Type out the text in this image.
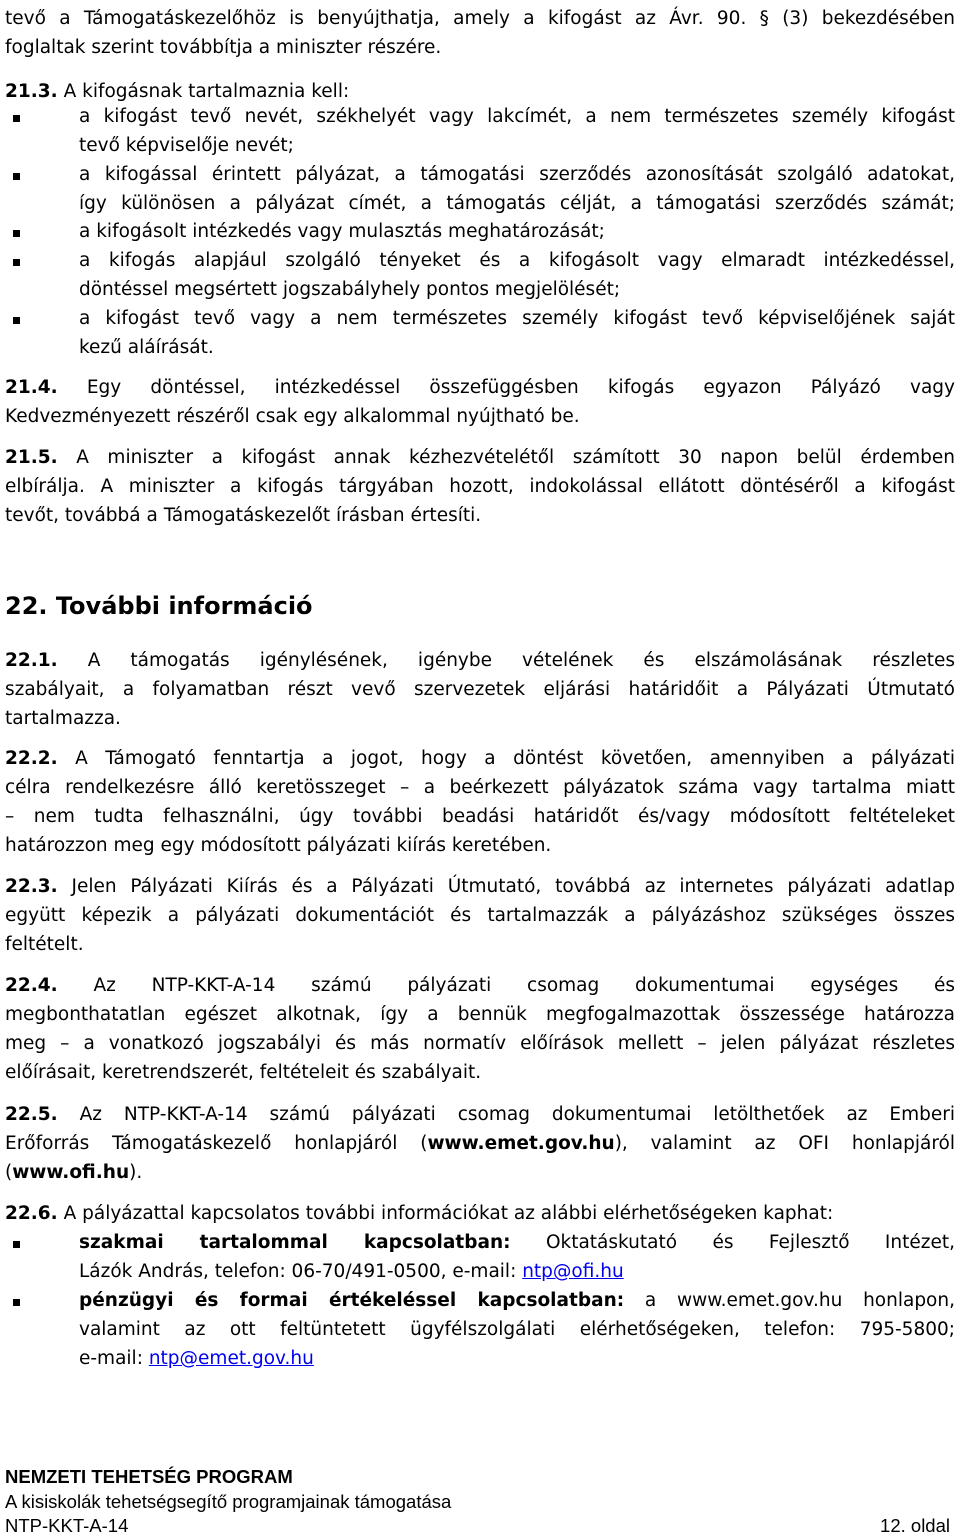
tevő a Támogatáskezelőhöz is benyújthatja, amely a kifogást az Ávr. 90. § (3) bekezdésében
foglaltak szerint továbbítja a miniszter részére.
21.3. A kifogásnak tartalmaznia kell:
a kifogást tevő nevét, székhelyét vagy lakcímét, a nem természetes személy kifogást
tevő képviselője nevét;
a kifogással érintett pályázat, a támogatási szerződés azonosítását szolgáló adatokat,
így különösen a pályázat címét, a támogatás célját, a támogatási szerződés számát;
a kifogásolt intézkedés vagy mulasztás meghatározását;
a kifogás alapjául szolgáló tényeket és a kifogásolt vagy elmaradt intézkedéssel,
döntéssel megsértett jogszabályhely pontos megjelölését;
a kifogást tevő vagy a nem természetes személy kifogást tevő képviselőjének saját
kezű aláírását.
21.4. Egy döntéssel, intézkedéssel összefüggésben kifogás egyazon Pályázó vagy
Kedvezményezett részéről csak egy alkalommal nyújtható be.
21.5. A miniszter a kifogást annak kézhezvételétől számított 30 napon belül érdemben
elbírálja. A miniszter a kifogás tárgyában hozott, indokolással ellátott döntéséről a kifogást
tevőt, továbbá a Támogatáskezelőt írásban értesíti.
22. További információ
22.1. A támogatás igénylésének, igénybe vételének és elszámolásának részletes
szabályait, a folyamatban részt vevő szervezetek eljárási határidőit a Pályázati Útmutató
tartalmazza.
22.2. A Támogató fenntartja a jogot, hogy a döntést követően, amennyiben a pályázati
célra rendelkezésre álló keretösszeget – a beérkezett pályázatok száma vagy tartalma miatt
– nem tudta felhasználni, úgy további beadási határidőt és/vagy módosított feltételeket
határozzon meg egy módosított pályázati kiírás keretében.
22.3. Jelen Pályázati Kiírás és a Pályázati Útmutató, továbbá az internetes pályázati adatlap
együtt képezik a pályázati dokumentációt és tartalmazzák a pályázáshoz szükséges összes
feltételt.
22.4. Az NTP-KKT-A-14 számú pályázati csomag dokumentumai egységes és
megbonthatatlan egészet alkotnak, így a bennük megfogalmazottak összessége határozza
meg – a vonatkozó jogszabályi és más normatív előírások mellett – jelen pályázat részletes
előírásait, keretrendszerét, feltételeit és szabályait.
22.5. Az NTP-KKT-A-14 számú pályázati csomag dokumentumai letölthetőek az Emberi
Erőforrás Támogatáskezelő honlapjáról (www.emet.gov.hu), valamint az OFI honlapjáról
(www.ofi.hu).
22.6. A pályázattal kapcsolatos további információkat az alábbi elérhetőségeken kaphat:
szakmai tartalommal kapcsolatban: Oktatáskutató és Fejlesztő Intézet,
Lázók András, telefon: 06-70/491-0500, e-mail: ntp@ofi.hu
pénzügyi és formai értékeléssel kapcsolatban: a www.emet.gov.hu honlapon,
valamint az ott feltüntetett ügyfélszolgálati elérhetőségeken, telefon: 795-5800;
e-mail: ntp@emet.gov.hu
NEMZETI TEHETSÉG PROGRAM
A kisiskolák tehetségsegítő programjainak támogatása
NTP-KKT-A-14	12. oldal
